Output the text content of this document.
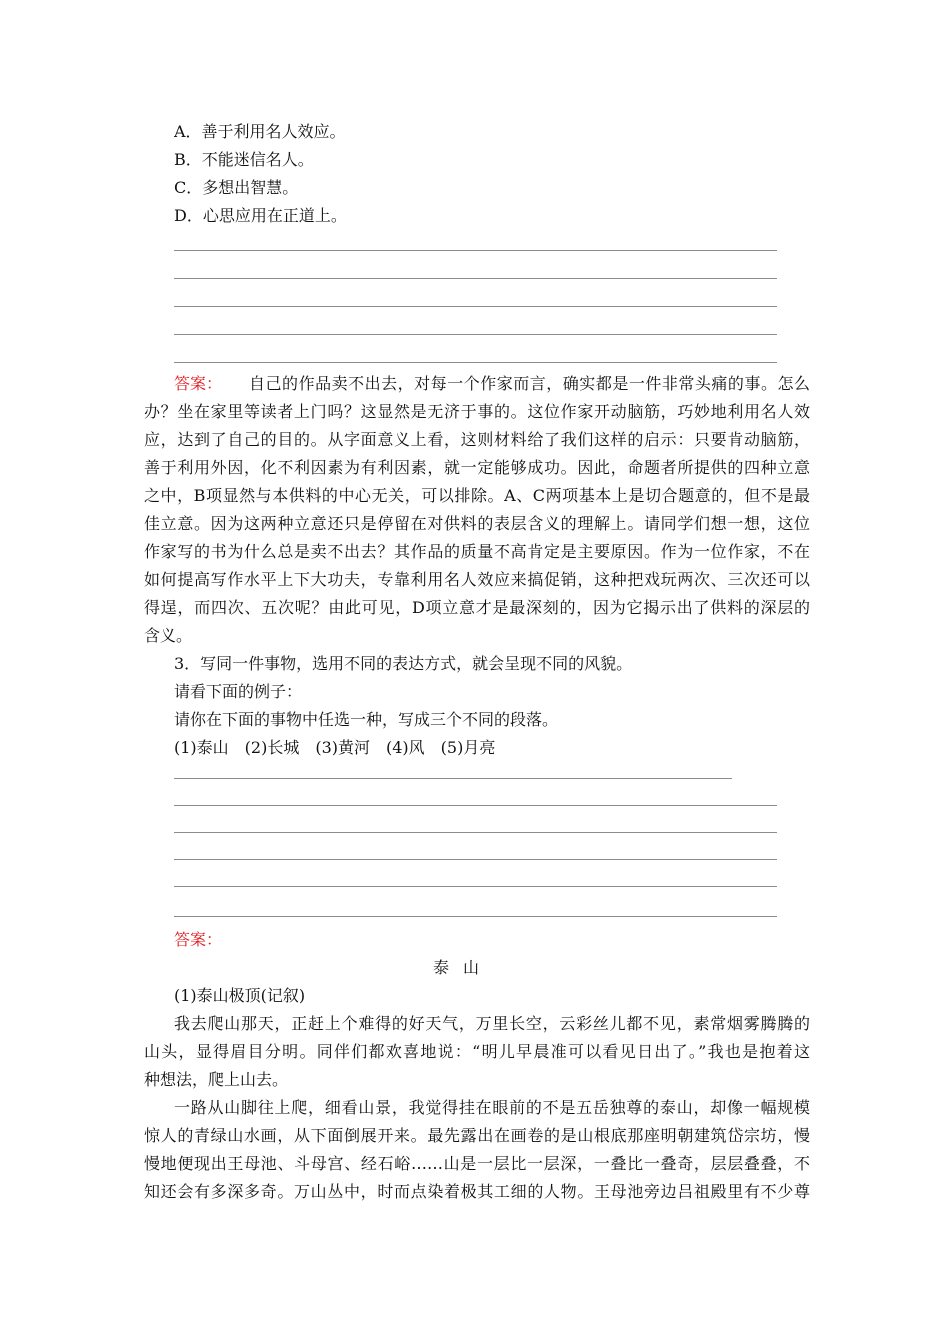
A．善于利用名人效应。
B．不能迷信名人。
C．多想出智慧。
D．心思应用在正道上。
答案：
　　自己的作品卖不出去，对每一个作家而言，确实都是一件非常头痛的事。怎么
办？坐在家里等读者上门吗？这显然是无济于事的。这位作家开动脑筋，巧妙地利用名人效
应，达到了自己的目的。从字面意义上看，这则材料给了我们这样的启示：只要肯动脑筋，
善于利用外因，化不利因素为有利因素，就一定能够成功。因此，命题者所提供的四种立意
之中，B项显然与本供料的中心无关，可以排除。A、C两项基本上是切合题意的，但不是最
佳立意。因为这两种立意还只是停留在对供料的表层含义的理解上。请同学们想一想，这位
作家写的书为什么总是卖不出去？其作品的质量不高肯定是主要原因。作为一位作家，不在
如何提高写作水平上下大功夫，专靠利用名人效应来搞促销，这种把戏玩两次、三次还可以
得逞，而四次、五次呢？由此可见，D项立意才是最深刻的，因为它揭示出了供料的深层的
含义。
3．写同一件事物，选用不同的表达方式，就会呈现不同的风貌。
请看下面的例子：
请你在下面的事物中任选一种，写成三个不同的段落。
(1)泰山　(2)长城　(3)黄河　(4)风　(5)月亮
答案：
泰山
(1)泰山极顶(记叙)
我去爬山那天，正赶上个难得的好天气，万里长空，云彩丝儿都不见，素常烟雾腾腾的
山头，显得眉目分明。同伴们都欢喜地说：“明儿早晨准可以看见日出了。”我也是抱着这
种想法，爬上山去。
一路从山脚往上爬，细看山景，我觉得挂在眼前的不是五岳独尊的泰山，却像一幅规模
惊人的青绿山水画，从下面倒展开来。最先露出在画卷的是山根底那座明朝建筑岱宗坊，慢
慢地便现出王母池、斗母宫、经石峪……山是一层比一层深，一叠比一叠奇，层层叠叠，不
知还会有多深多奇。万山丛中，时而点染着极其工细的人物。王母池旁边吕祖殿里有不少尊
